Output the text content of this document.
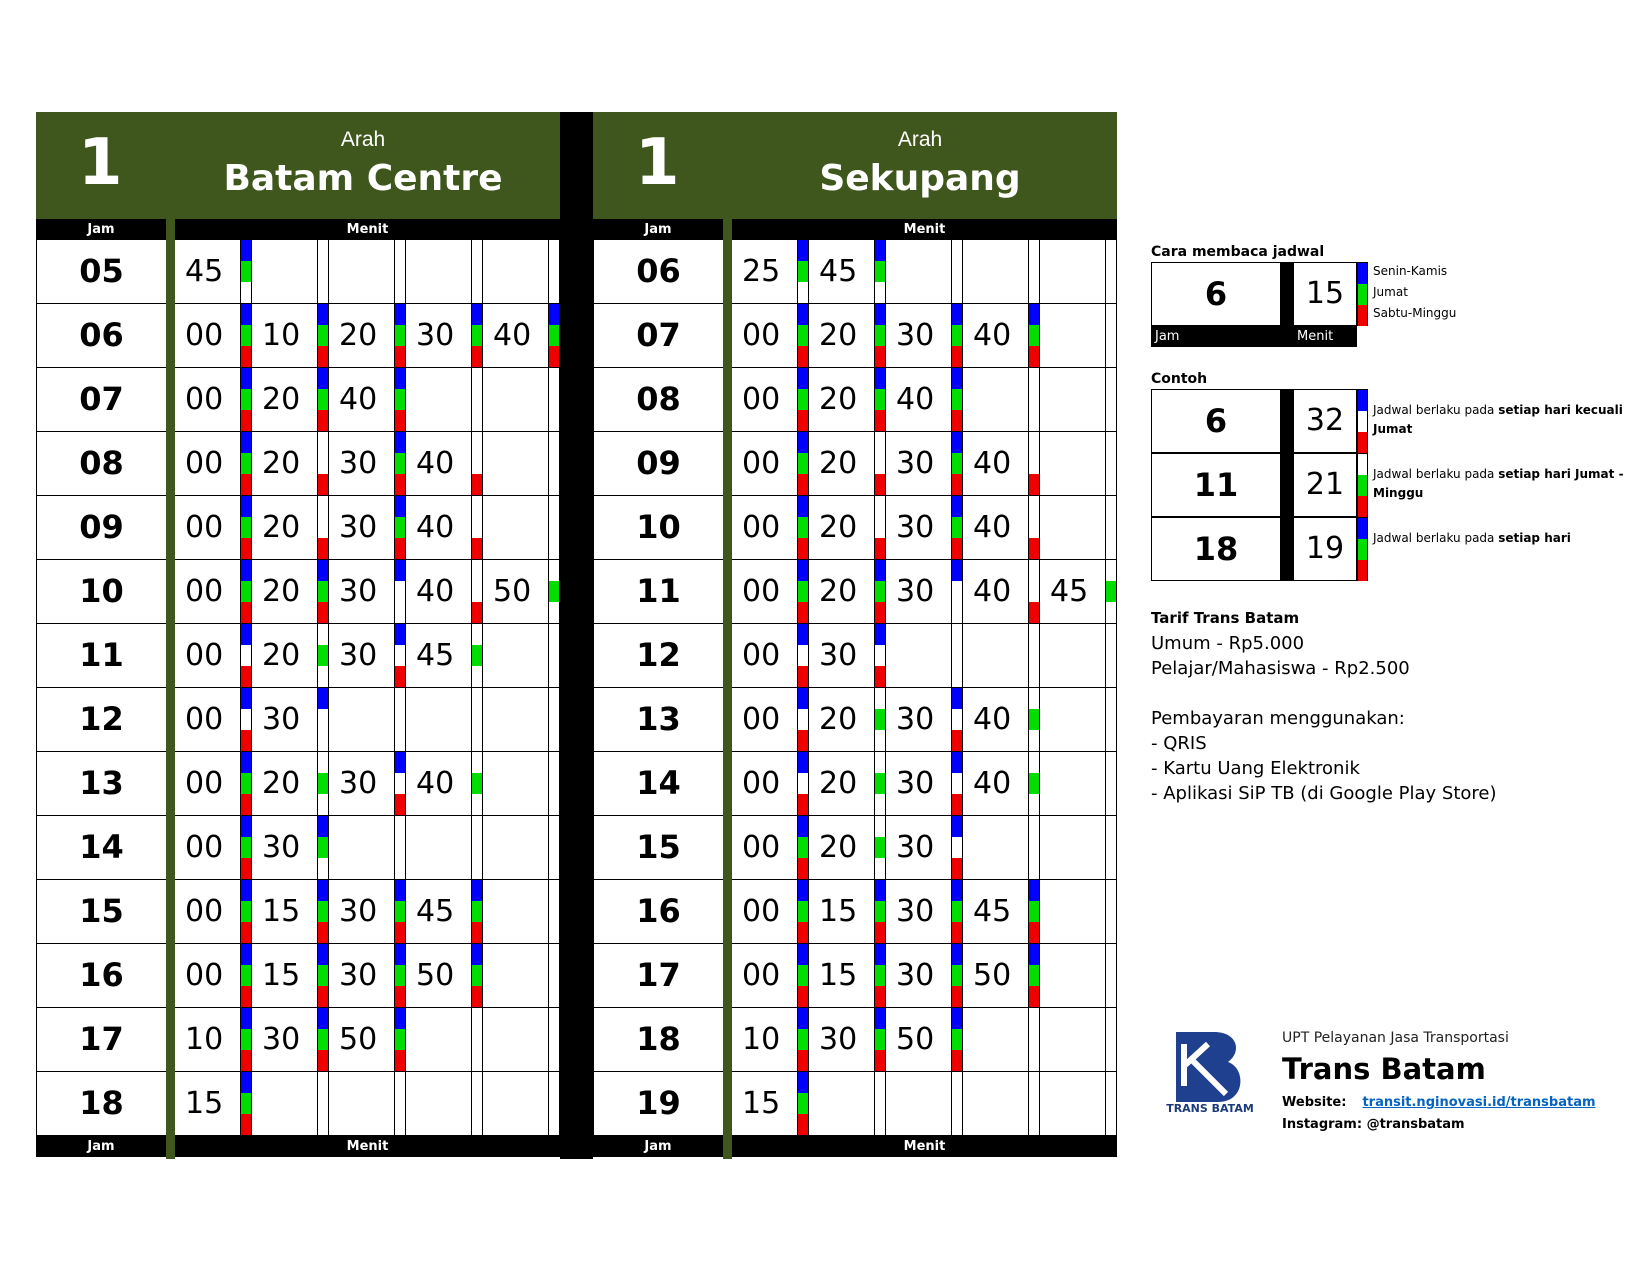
1	Arah
Batam Centre
Jam	Menit
05	45
06	00	10	20	30	40
07	00	20	40
08	00	20	30	40
09	00	20	30	40
10	00	20	30	40	50
11	00	20	30	45
12	00	30
13	00	20	30	40
14	00	30
15	00	15	30	45
16	00	15	30	50
17	10	30	50
18	15
Jam	Menit
1	Arah
Sekupang
Jam	Menit
06	25	45
07	00	20	30	40
08	00	20	40
09	00	20	30	40
10	00	20	30	40
11	00	20	30	40	45
12	00	30
13	00	20	30	40
14	00	20	30	40
15	00	20	30
16	00	15	30	45
17	00	15	30	50
18	10	30	50
19	15
Jam	Menit
Cara membaca jadwal
6	15
Jam	Menit
Senin-Kamis
Jumat
Sabtu-Minggu
Contoh
6	32	Jadwal berlaku pada setiap hari kecuali Jumat
11	21	Jadwal berlaku pada setiap hari Jumat - Minggu
18	19	Jadwal berlaku pada setiap hari
Tarif Trans Batam
Umum - Rp5.000
Pelajar/Mahasiswa - Rp2.500
Pembayaran menggunakan:
- QRIS
- Kartu Uang Elektronik
- Aplikasi SiP TB (di Google Play Store)
TRANS BATAM
UPT Pelayanan Jasa Transportasi
Trans Batam
Website: transit.nginovasi.id/transbatam
Instagram: @transbatam
